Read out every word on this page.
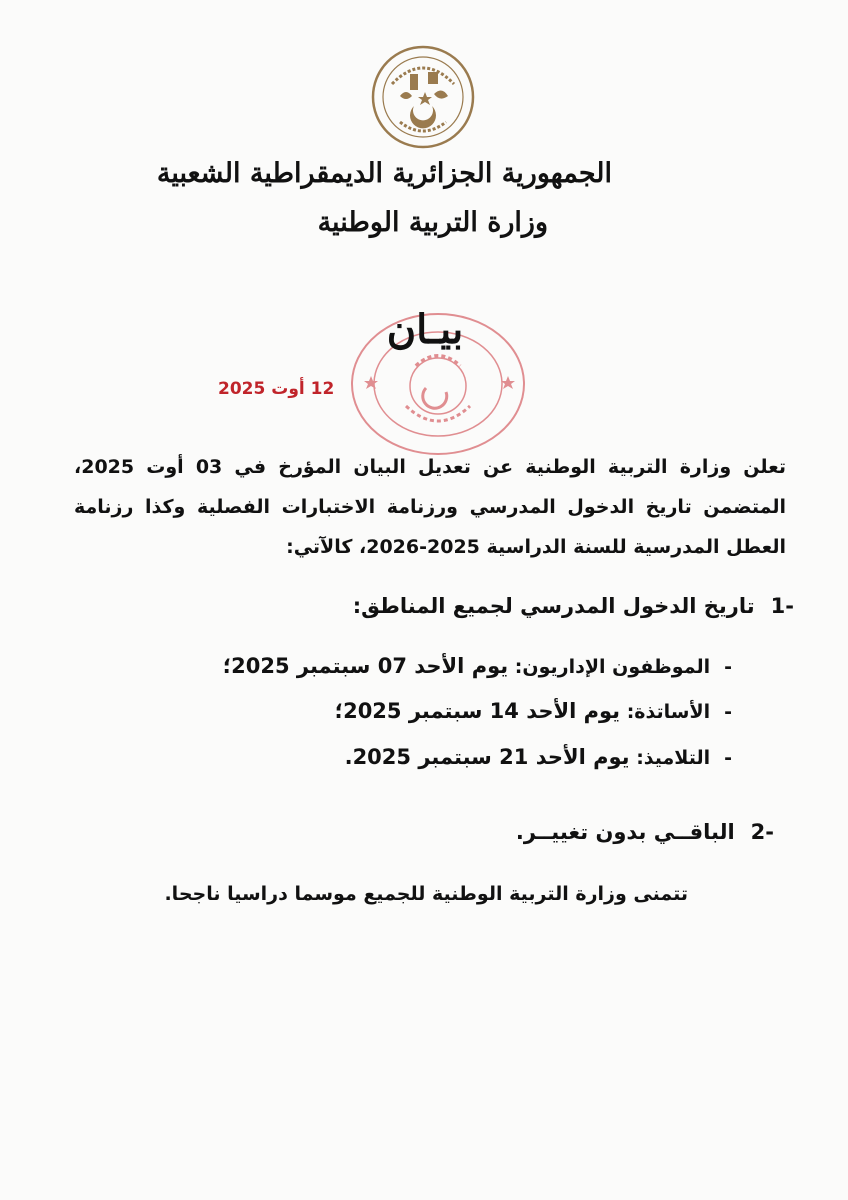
الجمهورية الجزائرية الديمقراطية الشعبية
وزارة التربية الوطنية
بيـان
12 أوت 2025
تعلن وزارة التربية الوطنية عن تعديل البيان المؤرخ في 03 أوت 2025، المتضمن تاريخ الدخول المدرسي ورزنامة الاختبارات الفصلية وكذا رزنامة العطل المدرسية للسنة الدراسية 2025-2026، كالآتي:
-1تاريخ الدخول المدرسي لجميع المناطق:
-الموظفون الإداريون: يوم الأحد 07 سبتمبر 2025؛
-الأساتذة: يوم الأحد 14 سبتمبر 2025؛
-التلاميذ: يوم الأحد 21 سبتمبر 2025.
-2الباقــي بدون تغييــر.
تتمنى وزارة التربية الوطنية للجميع موسما دراسيا ناجحا.
